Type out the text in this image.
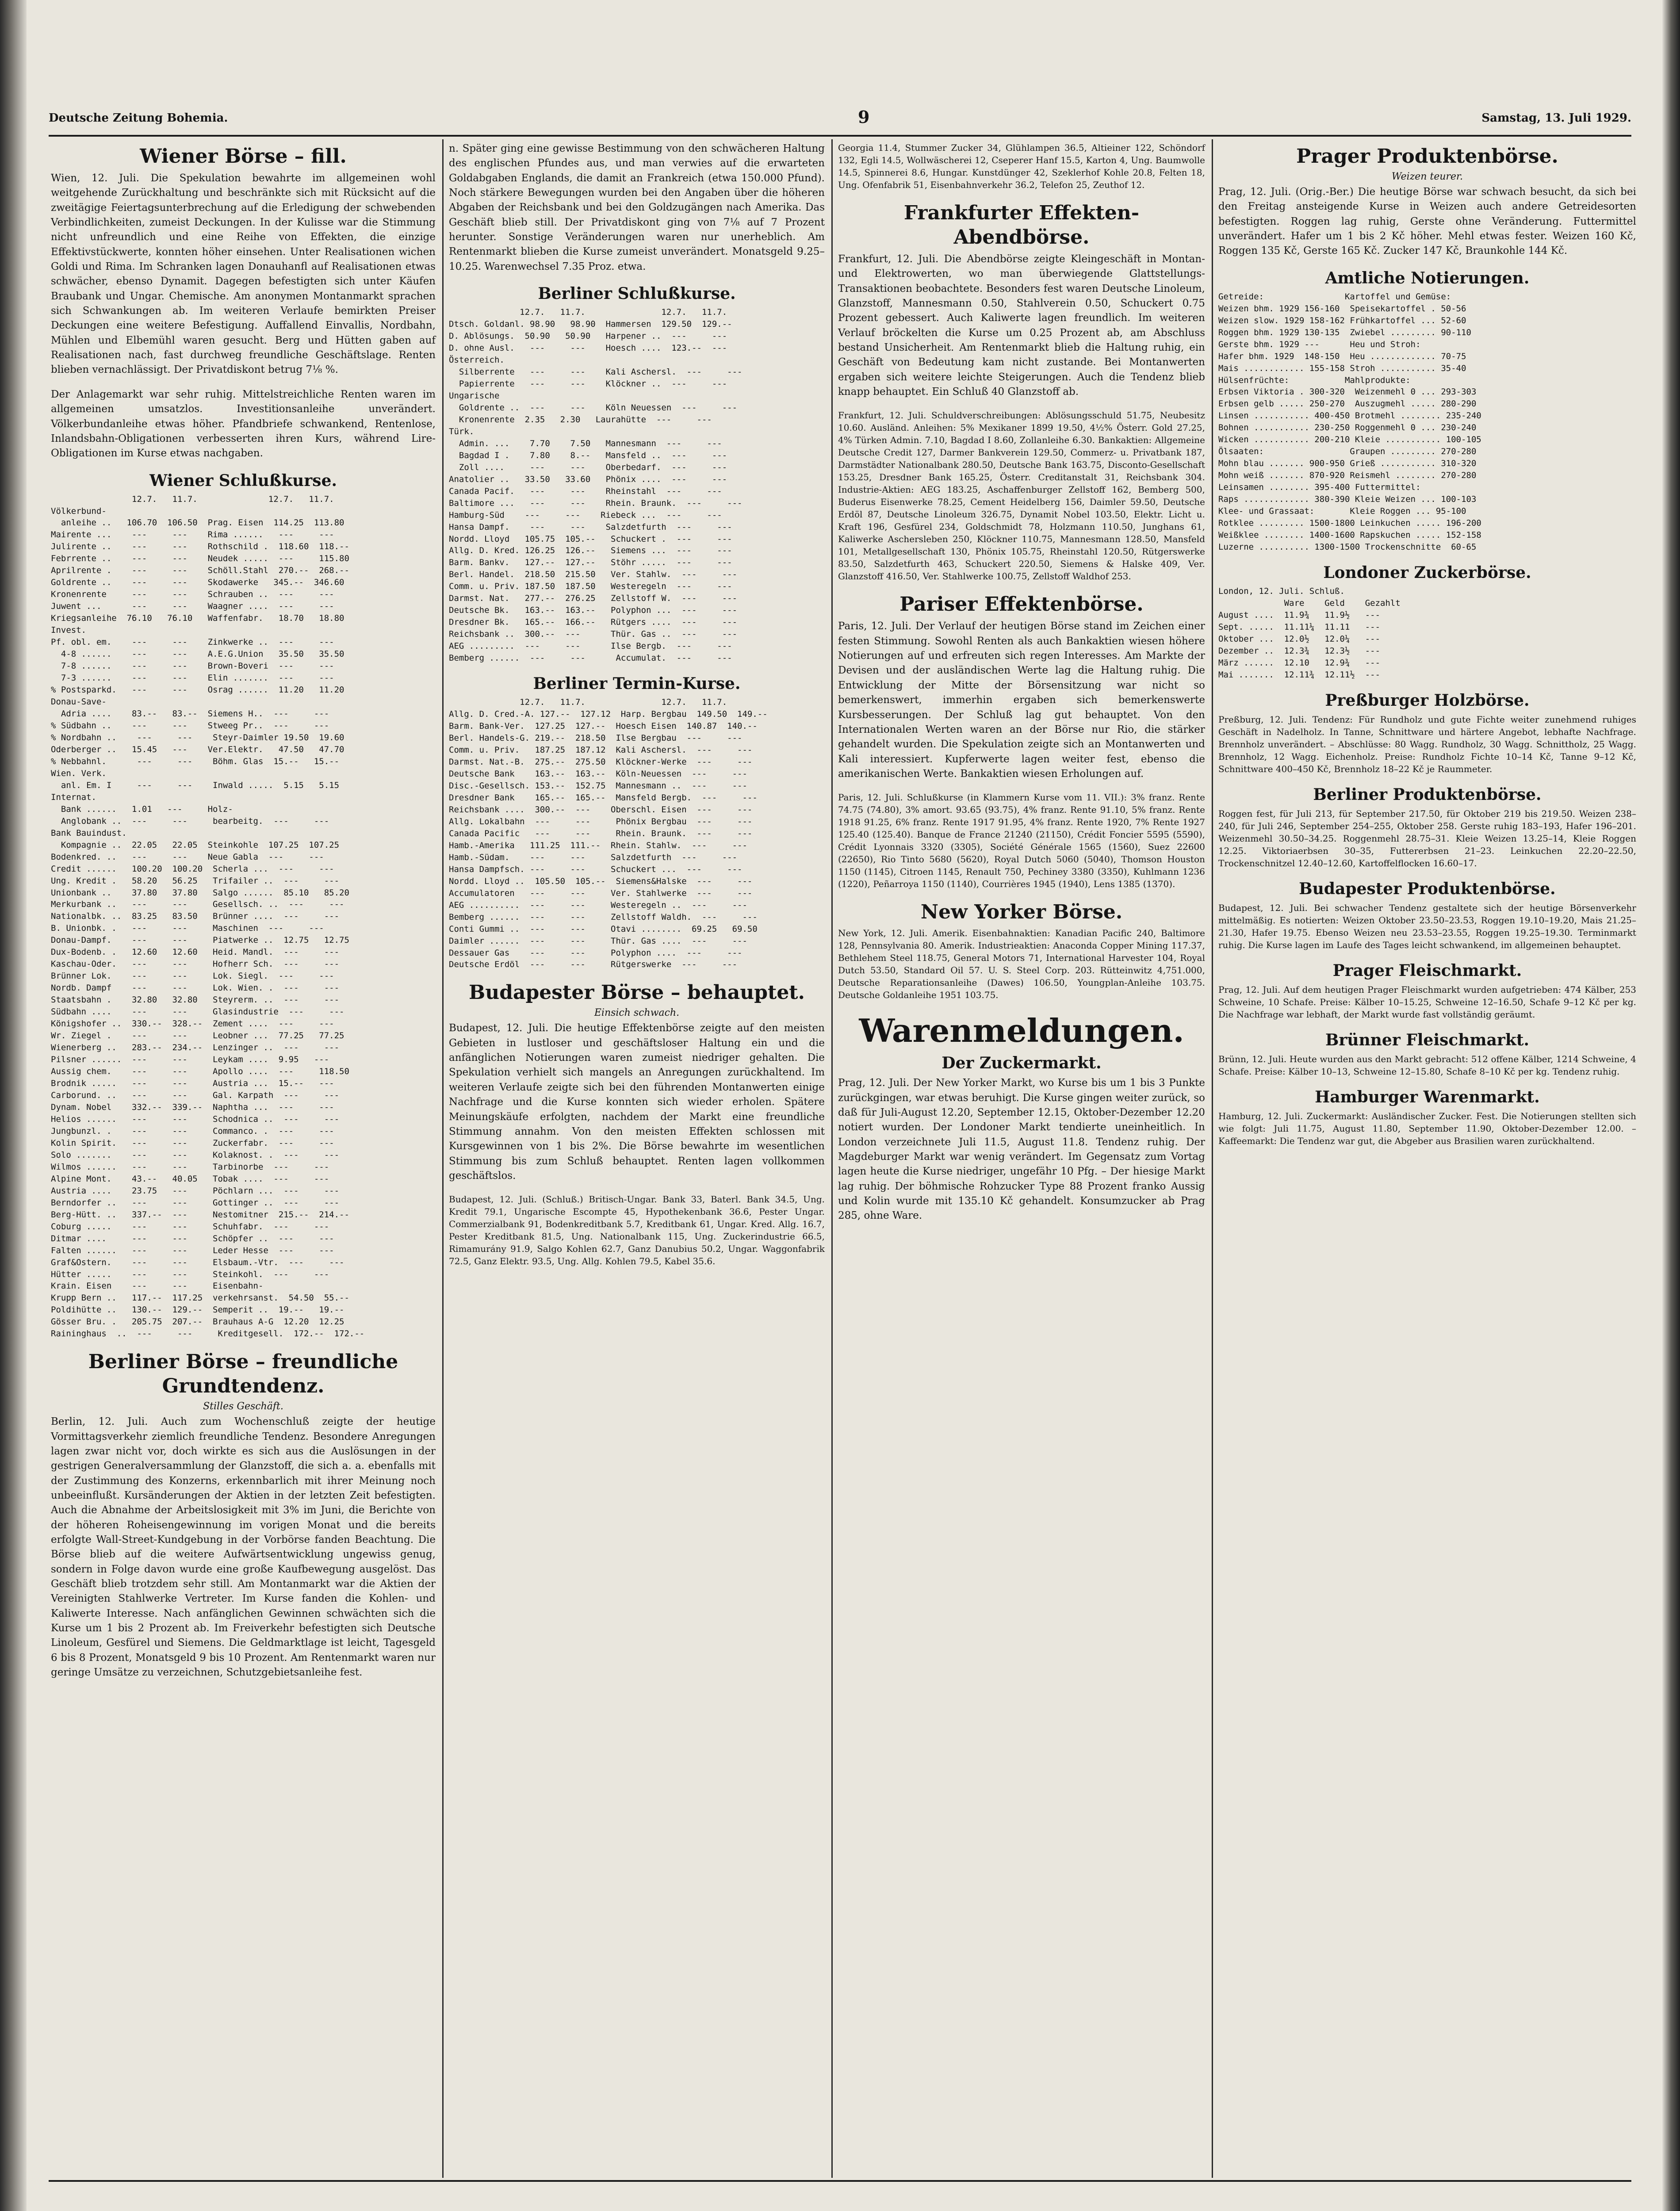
Deutsche Zeitung Bohemia.	9	Samstag, 13. Juli 1929.
Wiener Börse – fill.
Wien, 12. Juli. Die Spekulation bewahrte im allgemeinen wohl weitgehende Zurückhaltung und beschränkte sich mit Rücksicht auf die zweitägige Feiertagsunterbrechung auf die Erledigung der schwebenden Verbindlichkeiten, zumeist Deckungen. In der Kulisse war die Stimmung nicht unfreundlich und eine Reihe von Effekten, die einzige Effektivstückwerte, konnten höher einsehen. Unter Realisationen wichen Goldi und Rima. Im Schranken lagen Donauhanfl auf Realisationen etwas schwächer, ebenso Dynamit. Dagegen befestigten sich unter Käufen Braubank und Ungar. Chemische. Am anonymen Montanmarkt sprachen sich Schwankungen ab. Im weiteren Verlaufe bemirkten Preiser Deckungen eine weitere Befestigung. Auffallend Einvallis, Nordbahn, Mühlen und Elbemühl waren gesucht. Berg und Hütten gaben auf Realisationen nach, fast durchweg freundliche Geschäftslage. Renten blieben vernachlässigt. Der Privatdiskont betrug 7⅛ %.
Der Anlagemarkt war sehr ruhig. Mittelstreichliche Renten waren im allgemeinen umsatzlos. Investitionsanleihe unverändert. Völkerbundanleihe etwas höher. Pfandbriefe schwankend, Rentenlose, Inlandsbahn-Obligationen verbesserten ihren Kurs, während Lire-Obligationen im Kurse etwas nachgaben.
Wiener Schlußkurse.
12.7.   11.7.              12.7.   11.7.
Völkerbund-
anleihe ..   106.70  106.50  Prag. Eisen  114.25  113.80
Mairente ...    ---     ---    Rima ......   ---     ---
Julirente ..    ---     ---    Rothschild .  118.60  118.--
Febrrente ..    ---     ---    Neudek .....  ---     115.80
Aprilrente .    ---     ---    Schöll.Stahl  270.--  268.--
Goldrente ..    ---     ---    Skodawerke   345.--  346.60
Kronenrente     ---     ---    Schrauben ..  ---     ---
Juwent ...      ---     ---    Waagner ....  ---     ---
Kriegsanleihe  76.10   76.10   Waffenfabr.   18.70   18.80
Invest.
Pf. obl. em.    ---     ---    Zinkwerke ..  ---     ---
4-8 ......    ---     ---    A.E.G.Union   35.50   35.50
7-8 ......    ---     ---    Brown-Boveri  ---     ---
7-3 ......    ---     ---    Elin .......  ---     ---
% Postsparkd.   ---     ---    Osrag ......  11.20   11.20
Donau-Save-
Adria ....    83.--   83.--  Siemens H..  ---     ---
% Südbahn ..    ---     ---    Stweeg Pr..  ---     ---
% Nordbahn ..    ---     ---    Steyr-Daimler 19.50  19.60
Oderberger ..   15.45   ---    Ver.Elektr.   47.50   47.70
% Nebbahnl.      ---     ---    Böhm. Glas  15.--   15.--
Wien. Verk.
anl. Em. I     ---     ---    Inwald .....  5.15   5.15
Internat.
Bank ......   1.01   ---     Holz-
Anglobank ..  ---     ---     bearbeitg.  ---     ---
Bank Bauindust.
Kompagnie ..  22.05   22.05  Steinkohle  107.25  107.25
Bodenkred. ..   ---     ---    Neue Gabla  ---     ---
Credit ......   100.20  100.20  Scherla ...  ---     ---
Ung. Kredit .   58.20   56.25   Trifailer ..  ---     ---
Unionbank ..    37.80   37.80   Salgo ......  85.10   85.20
Merkurbank ..   ---     ---     Gesellsch. ..  ---     ---
Nationalbk. ..  83.25   83.50   Brünner ....  ---     ---
B. Unionbk. .   ---     ---     Maschinen  ---     ---
Donau-Dampf.    ---     ---     Piatwerke ..  12.75   12.75
Dux-Bodenb. .   12.60   12.60   Heid. Mandl.  ---     ---
Kaschau-Oder.   ---     ---     Hofherr Sch.  ---     ---
Brünner Lok.    ---     ---     Lok. Siegl.  ---     ---
Nordb. Dampf    ---     ---     Lok. Wien. .  ---     ---
Staatsbahn .    32.80   32.80   Steyrerm. ..  ---     ---
Südbahn ....    ---     ---     Glasindustrie  ---     ---
Königshofer ..  330.--  328.--  Zement ....  ---     ---
Wr. Ziegel .    ---     ---     Leobner ...  77.25   77.25
Wienerberg ..   283.--  234.--  Lenzinger ..  ---     ---
Pilsner ......  ---     ---     Leykam ....  9.95   ---
Aussig chem.    ---     ---     Apollo ....  ---     118.50
Brodnik .....   ---     ---     Austria ...  15.--   ---
Carborund. ..   ---     ---     Gal. Karpath  ---     ---
Dynam. Nobel    332.--  339.--  Naphtha ...  ---     ---
Helios ......   ---     ---     Schodnica ..  ---     ---
Jungbunzl. .    ---     ---     Commanco. .  ---     ---
Kolin Spirit.   ---     ---     Zuckerfabr.  ---     ---
Solo .......    ---     ---     Kolaknost. .  ---     ---
Wilmos ......   ---     ---     Tarbinorbe  ---     ---
Alpine Mont.    43.--   40.05   Tobak ....  ---     ---
Austria ....    23.75   ---     Pöchlarn ...  ---     ---
Berndorfer ..   ---     ---     Gottinger ..  ---     ---
Berg-Hütt. ..   337.--  ---     Nestomitner  215.--  214.--
Coburg .....    ---     ---     Schuhfabr.  ---     ---
Ditmar ....     ---     ---     Schöpfer ..  ---     ---
Falten ......   ---     ---     Leder Hesse  ---     ---
Graf&Ostern.    ---     ---     Elsbaum.-Vtr.  ---     ---
Hütter .....    ---     ---     Steinkohl.  ---     ---
Krain. Eisen    ---     ---     Eisenbahn-
Krupp Bern ..   117.--  117.25  verkehrsanst.  54.50  55.--
Poldihütte ..   130.--  129.--  Semperit ..  19.--   19.--
Gösser Bru. .   205.75  207.--  Brauhaus A-G  12.20  12.25
Raininghaus  ..  ---     ---     Kreditgesell.  172.--  172.--
Berliner Börse – freundliche Grundtendenz.
Stilles Geschäft.
Berlin, 12. Juli. Auch zum Wochenschluß zeigte der heutige Vormittagsverkehr ziemlich freundliche Tendenz. Besondere Anregungen lagen zwar nicht vor, doch wirkte es sich aus die Auslösungen in der gestrigen Generalversammlung der Glanzstoff, die sich a. a. ebenfalls mit der Zustimmung des Konzerns, erkennbarlich mit ihrer Meinung noch unbeeinflußt. Kursänderungen der Aktien in der letzten Zeit befestigten. Auch die Abnahme der Arbeitslosigkeit mit 3% im Juni, die Berichte von der höheren Roheisengewinnung im vorigen Monat und die bereits erfolgte Wall-Street-Kundgebung in der Vorbörse fanden Beachtung. Die Börse blieb auf die weitere Aufwärtsentwicklung ungewiss genug, sondern in Folge davon wurde eine große Kaufbewegung ausgelöst. Das Geschäft blieb trotzdem sehr still. Am Montanmarkt war die Aktien der Vereinigten Stahlwerke Vertreter. Im Kurse fanden die Kohlen- und Kaliwerte Interesse. Nach anfänglichen Gewinnen schwächten sich die Kurse um 1 bis 2 Prozent ab. Im Freiverkehr befestigten sich Deutsche Linoleum, Gesfürel und Siemens. Die Geldmarktlage ist leicht, Tagesgeld 6 bis 8 Prozent, Monatsgeld 9 bis 10 Prozent. Am Rentenmarkt waren nur geringe Umsätze zu verzeichnen, Schutzgebietsanleihe fest.
n. Später ging eine gewisse Bestimmung von den schwächeren Haltung des englischen Pfundes aus, und man verwies auf die erwarteten Goldabgaben Englands, die damit an Frankreich (etwa 150.000 Pfund). Noch stärkere Bewegungen wurden bei den Angaben über die höheren Abgaben der Reichsbank und bei den Goldzugängen nach Amerika. Das Geschäft blieb still. Der Privatdiskont ging von 7⅛ auf 7 Prozent herunter. Sonstige Veränderungen waren nur unerheblich. Am Rentenmarkt blieben die Kurse zumeist unverändert. Monatsgeld 9.25–10.25. Warenwechsel 7.35 Proz. etwa.
Berliner Schlußkurse.
12.7.   11.7.               12.7.   11.7.
Dtsch. Goldanl. 98.90   98.90  Hammersen  129.50  129.--
D. Ablösungs.  50.90   50.90   Harpener ..  ---     ---
D. ohne Ausl.   ---     ---    Hoesch ....  123.--  ---
Österreich.
Silberrente   ---     ---    Kali Aschersl.  ---     ---
Papierrente   ---     ---    Klöckner ..  ---     ---
Ungarische
Goldrente ..  ---     ---    Köln Neuessen  ---     ---
Kronenrente  2.35   2.30   Laurahütte  ---     ---
Türk.
Admin. ...    7.70    7.50   Mannesmann  ---     ---
Bagdad I .    7.80    8.--   Mansfeld ..  ---     ---
Zoll ....     ---     ---    Oberbedarf.  ---     ---
Anatolier ..   33.50   33.60   Phönix ....  ---     ---
Canada Pacif.   ---     ---    Rheinstahl  ---     ---
Baltimore ...   ---     ---    Rhein. Braunk.  ---     ---
Hamburg-Süd    ---     ---    Riebeck ...  ---     ---
Hansa Dampf.    ---     ---    Salzdetfurth  ---     ---
Nordd. Lloyd   105.75  105.--   Schuckert .  ---     ---
Allg. D. Kred. 126.25  126.--   Siemens ...  ---     ---
Barm. Bankv.   127.--  127.--   Stöhr .....  ---     ---
Berl. Handel.  218.50  215.50   Ver. Stahlw.  ---     ---
Comm. u. Priv. 187.50  187.50   Westeregeln  ---     ---
Darmst. Nat.   277.--  276.25   Zellstoff W.  ---     ---
Deutsche Bk.   163.--  163.--   Polyphon ...  ---     ---
Dresdner Bk.   165.--  166.--   Rütgers ....  ---     ---
Reichsbank ..  300.--  ---      Thür. Gas ..  ---     ---
AEG .........  ---     ---      Ilse Bergb.  ---     ---
Bemberg ......  ---     ---      Accumulat.  ---     ---
Berliner Termin-Kurse.
12.7.   11.7.               12.7.   11.7.
Allg. D. Cred.-A. 127.--  127.12  Harp. Bergbau  149.50  149.--
Barm. Bank-Ver.  127.25  127.--  Hoesch Eisen  140.87  140.--
Berl. Handels-G. 219.--  218.50  Ilse Bergbau  ---     ---
Comm. u. Priv.   187.25  187.12  Kali Aschersl.  ---     ---
Darmst. Nat.-B.  275.--  275.50  Klöckner-Werke  ---     ---
Deutsche Bank    163.--  163.--  Köln-Neuessen  ---     ---
Disc.-Gesellsch. 153.--  152.75  Mannesmann ..  ---     ---
Dresdner Bank    165.--  165.--  Mansfeld Bergb.  ---     ---
Reichsbank ....  300.--  ---    Oberschl. Eisen  ---     ---
Allg. Lokalbahn  ---     ---     Phönix Bergbau  ---     ---
Canada Pacific   ---     ---     Rhein. Braunk.  ---     ---
Hamb.-Amerika   111.25  111.--  Rhein. Stahlw.  ---     ---
Hamb.-Südam.    ---     ---     Salzdetfurth  ---     ---
Hansa Dampfsch. ---     ---     Schuckert ...  ---     ---
Nordd. Lloyd ..  105.50  105.--  Siemens&Halske  ---     ---
Accumulatoren   ---     ---     Ver. Stahlwerke  ---     ---
AEG ..........  ---     ---     Westeregeln ..  ---     ---
Bemberg ......  ---     ---     Zellstoff Waldh.  ---     ---
Conti Gummi ..  ---     ---     Otavi ........  69.25   69.50
Daimler ......  ---     ---     Thür. Gas ....  ---     ---
Dessauer Gas    ---     ---     Polyphon ....  ---     ---
Deutsche Erdöl  ---     ---     Rütgerswerke  ---     ---
Budapester Börse – behauptet.
Einsich schwach.
Budapest, 12. Juli. Die heutige Effektenbörse zeigte auf den meisten Gebieten in lustloser und geschäftsloser Haltung ein und die anfänglichen Notierungen waren zumeist niedriger gehalten. Die Spekulation verhielt sich mangels an Anregungen zurückhaltend. Im weiteren Verlaufe zeigte sich bei den führenden Montanwerten einige Nachfrage und die Kurse konnten sich wieder erholen. Spätere Meinungskäufe erfolgten, nachdem der Markt eine freundliche Stimmung annahm. Von den meisten Effekten schlossen mit Kursgewinnen von 1 bis 2%. Die Börse bewahrte im wesentlichen Stimmung bis zum Schluß behauptet. Renten lagen vollkommen geschäftslos.
Budapest, 12. Juli. (Schluß.) Britisch-Ungar. Bank 33, Baterl. Bank 34.5, Ung. Kredit 79.1, Ungarische Escompte 45, Hypothekenbank 36.6, Pester Ungar. Commerzialbank 91, Bodenkreditbank 5.7, Kreditbank 61, Ungar. Kred. Allg. 16.7, Pester Kreditbank 81.5, Ung. Nationalbank 115, Ung. Zuckerindustrie 66.5, Rimamurány 91.9, Salgo Kohlen 62.7, Ganz Danubius 50.2, Ungar. Waggonfabrik 72.5, Ganz Elektr. 93.5, Ung. Allg. Kohlen 79.5, Kabel 35.6.
Georgia 11.4, Stummer Zucker 34, Glühlampen 36.5, Altieiner 122, Schöndorf 132, Egli 14.5, Wollwäscherei 12, Cseperer Hanf 15.5, Karton 4, Ung. Baumwolle 14.5, Spinnerei 8.6, Hungar. Kunstdünger 42, Szeklerhof Kohle 20.8, Felten 18, Ung. Ofenfabrik 51, Eisenbahnverkehr 36.2, Telefon 25, Zeuthof 12.
Frankfurter Effekten-Abendbörse.
Frankfurt, 12. Juli. Die Abendbörse zeigte Kleingeschäft in Montan- und Elektrowerten, wo man überwiegende Glattstellungs-Transaktionen beobachtete. Besonders fest waren Deutsche Linoleum, Glanzstoff, Mannesmann 0.50, Stahlverein 0.50, Schuckert 0.75 Prozent gebessert. Auch Kaliwerte lagen freundlich. Im weiteren Verlauf bröckelten die Kurse um 0.25 Prozent ab, am Abschluss bestand Unsicherheit. Am Rentenmarkt blieb die Haltung ruhig, ein Geschäft von Bedeutung kam nicht zustande. Bei Montanwerten ergaben sich weitere leichte Steigerungen. Auch die Tendenz blieb knapp behauptet. Ein Schluß 40 Glanzstoff ab.
Frankfurt, 12. Juli. Schuldverschreibungen: Ablösungsschuld 51.75, Neubesitz 10.60. Ausländ. Anleihen: 5% Mexikaner 1899 19.50, 4½% Österr. Gold 27.25, 4% Türken Admin. 7.10, Bagdad I 8.60, Zollanleihe 6.30. Bankaktien: Allgemeine Deutsche Credit 127, Darmer Bankverein 129.50, Commerz- u. Privatbank 187, Darmstädter Nationalbank 280.50, Deutsche Bank 163.75, Disconto-Gesellschaft 153.25, Dresdner Bank 165.25, Österr. Creditanstalt 31, Reichsbank 304. Industrie-Aktien: AEG 183.25, Aschaffenburger Zellstoff 162, Bemberg 500, Buderus Eisenwerke 78.25, Cement Heidelberg 156, Daimler 59.50, Deutsche Erdöl 87, Deutsche Linoleum 326.75, Dynamit Nobel 103.50, Elektr. Licht u. Kraft 196, Gesfürel 234, Goldschmidt 78, Holzmann 110.50, Junghans 61, Kaliwerke Aschersleben 250, Klöckner 110.75, Mannesmann 128.50, Mansfeld 101, Metallgesellschaft 130, Phönix 105.75, Rheinstahl 120.50, Rütgerswerke 83.50, Salzdetfurth 463, Schuckert 220.50, Siemens & Halske 409, Ver. Glanzstoff 416.50, Ver. Stahlwerke 100.75, Zellstoff Waldhof 253.
Pariser Effektenbörse.
Paris, 12. Juli. Der Verlauf der heutigen Börse stand im Zeichen einer festen Stimmung. Sowohl Renten als auch Bankaktien wiesen höhere Notierungen auf und erfreuten sich regen Interesses. Am Markte der Devisen und der ausländischen Werte lag die Haltung ruhig. Die Entwicklung der Mitte der Börsensitzung war nicht so bemerkenswert, immerhin ergaben sich bemerkenswerte Kursbesserungen. Der Schluß lag gut behauptet. Von den Internationalen Werten waren an der Börse nur Rio, die stärker gehandelt wurden. Die Spekulation zeigte sich an Montanwerten und Kali interessiert. Kupferwerte lagen weiter fest, ebenso die amerikanischen Werte. Bankaktien wiesen Erholungen auf.
Paris, 12. Juli. Schlußkurse (in Klammern Kurse vom 11. VII.): 3% franz. Rente 74.75 (74.80), 3% amort. 93.65 (93.75), 4% franz. Rente 91.10, 5% franz. Rente 1918 91.25, 6% franz. Rente 1917 91.95, 4% franz. Rente 1920, 7% Rente 1927 125.40 (125.40). Banque de France 21240 (21150), Crédit Foncier 5595 (5590), Crédit Lyonnais 3320 (3305), Société Générale 1565 (1560), Suez 22600 (22650), Rio Tinto 5680 (5620), Royal Dutch 5060 (5040), Thomson Houston 1150 (1145), Citroen 1145, Renault 750, Pechiney 3380 (3350), Kuhlmann 1236 (1220), Peñarroya 1150 (1140), Courrières 1945 (1940), Lens 1385 (1370).
New Yorker Börse.
New York, 12. Juli. Amerik. Eisenbahnaktien: Kanadian Pacific 240, Baltimore 128, Pennsylvania 80. Amerik. Industrieaktien: Anaconda Copper Mining 117.37, Bethlehem Steel 118.75, General Motors 71, International Harvester 104, Royal Dutch 53.50, Standard Oil 57. U. S. Steel Corp. 203. Rütteinwitz 4,751.000, Deutsche Reparationsanleihe (Dawes) 106.50, Youngplan-Anleihe 103.75. Deutsche Goldanleihe 1951 103.75.
Warenmeldungen.
Der Zuckermarkt.
Prag, 12. Juli. Der New Yorker Markt, wo Kurse bis um 1 bis 3 Punkte zurückgingen, war etwas beruhigt. Die Kurse gingen weiter zurück, so daß für Juli-August 12.20, September 12.15, Oktober-Dezember 12.20 notiert wurden. Der Londoner Markt tendierte uneinheitlich. In London verzeichnete Juli 11.5, August 11.8. Tendenz ruhig. Der Magdeburger Markt war wenig verändert. Im Gegensatz zum Vortag lagen heute die Kurse niedriger, ungefähr 10 Pfg. – Der hiesige Markt lag ruhig. Der böhmische Rohzucker Type 88 Prozent franko Aussig und Kolin wurde mit 135.10 Kč gehandelt. Konsumzucker ab Prag 285, ohne Ware.
Prager Produktenbörse.
Weizen teurer.
Prag, 12. Juli. (Orig.-Ber.) Die heutige Börse war schwach besucht, da sich bei den Freitag ansteigende Kurse in Weizen auch andere Getreidesorten befestigten. Roggen lag ruhig, Gerste ohne Veränderung. Futtermittel unverändert. Hafer um 1 bis 2 Kč höher. Mehl etwas fester. Weizen 160 Kč, Roggen 135 Kč, Gerste 165 Kč. Zucker 147 Kč, Braunkohle 144 Kč.
Amtliche Notierungen.
Getreide:                Kartoffel und Gemüse:
Weizen bhm. 1929 156-160  Speisekartoffel . 50-56
Weizen slow. 1929 158-162 Frühkartoffel ... 52-60
Roggen bhm. 1929 130-135  Zwiebel ......... 90-110
Gerste bhm. 1929 ---      Heu und Stroh:
Hafer bhm. 1929  148-150  Heu ............. 70-75
Mais ............ 155-158 Stroh ........... 35-40
Hülsenfrüchte:           Mahlprodukte:
Erbsen Viktoria . 300-320  Weizenmehl 0 ... 293-303
Erbsen gelb ..... 250-270  Auszugmehl ..... 280-290
Linsen ........... 400-450 Brotmehl ........ 235-240
Bohnen ........... 230-250 Roggenmehl 0 ... 230-240
Wicken ........... 200-210 Kleie ........... 100-105
Ölsaaten:                 Graupen ......... 270-280
Mohn blau ....... 900-950 Grieß ........... 310-320
Mohn weiß ....... 870-920 Reismehl ........ 270-280
Leinsamen ........ 395-400 Futtermittel:
Raps ............. 380-390 Kleie Weizen ... 100-103
Klee- und Grassaat:       Kleie Roggen ... 95-100
Rotklee ......... 1500-1800 Leinkuchen ..... 196-200
Weißklee ........ 1400-1600 Rapskuchen ..... 152-158
Luzerne .......... 1300-1500 Trockenschnitte  60-65
Londoner Zuckerbörse.
London, 12. Juli. Schluß.
Ware    Geld    Gezahlt
August ....  11.9¾   11.9½   ---
Sept. .....  11.11¼  11.11   ---
Oktober ...  12.0½   12.0¼   ---
Dezember ..  12.3¾   12.3½   ---
März ......  12.10   12.9¾   ---
Mai .......  12.11¾  12.11½  ---
Preßburger Holzbörse.
Preßburg, 12. Juli. Tendenz: Für Rundholz und gute Fichte weiter zunehmend ruhiges Geschäft in Nadelholz. In Tanne, Schnittware und härtere Angebot, lebhafte Nachfrage. Brennholz unverändert. – Abschlüsse: 80 Wagg. Rundholz, 30 Wagg. Schnittholz, 25 Wagg. Brennholz, 12 Wagg. Eichenholz. Preise: Rundholz Fichte 10–14 Kč, Tanne 9–12 Kč, Schnittware 400–450 Kč, Brennholz 18–22 Kč je Raummeter.
Berliner Produktenbörse.
Roggen fest, für Juli 213, für September 217.50, für Oktober 219 bis 219.50. Weizen 238–240, für Juli 246, September 254–255, Oktober 258. Gerste ruhig 183–193, Hafer 196–201. Weizenmehl 30.50–34.25. Roggenmehl 28.75–31. Kleie Weizen 13.25–14, Kleie Roggen 12.25. Viktoriaerbsen 30–35, Futtererbsen 21–23. Leinkuchen 22.20–22.50, Trockenschnitzel 12.40–12.60, Kartoffelflocken 16.60–17.
Budapester Produktenbörse.
Budapest, 12. Juli. Bei schwacher Tendenz gestaltete sich der heutige Börsenverkehr mittelmäßig. Es notierten: Weizen Oktober 23.50–23.53, Roggen 19.10–19.20, Mais 21.25–21.30, Hafer 19.75. Ebenso Weizen neu 23.53–23.55, Roggen 19.25–19.30. Terminmarkt ruhig. Die Kurse lagen im Laufe des Tages leicht schwankend, im allgemeinen behauptet.
Prager Fleischmarkt.
Prag, 12. Juli. Auf dem heutigen Prager Fleischmarkt wurden aufgetrieben: 474 Kälber, 253 Schweine, 10 Schafe. Preise: Kälber 10–15.25, Schweine 12–16.50, Schafe 9–12 Kč per kg. Die Nachfrage war lebhaft, der Markt wurde fast vollständig geräumt.
Brünner Fleischmarkt.
Brünn, 12. Juli. Heute wurden aus den Markt gebracht: 512 offene Kälber, 1214 Schweine, 4 Schafe. Preise: Kälber 10–13, Schweine 12–15.80, Schafe 8–10 Kč per kg. Tendenz ruhig.
Hamburger Warenmarkt.
Hamburg, 12. Juli. Zuckermarkt: Ausländischer Zucker. Fest. Die Notierungen stellten sich wie folgt: Juli 11.75, August 11.80, September 11.90, Oktober-Dezember 12.00. – Kaffeemarkt: Die Tendenz war gut, die Abgeber aus Brasilien waren zurückhaltend.
